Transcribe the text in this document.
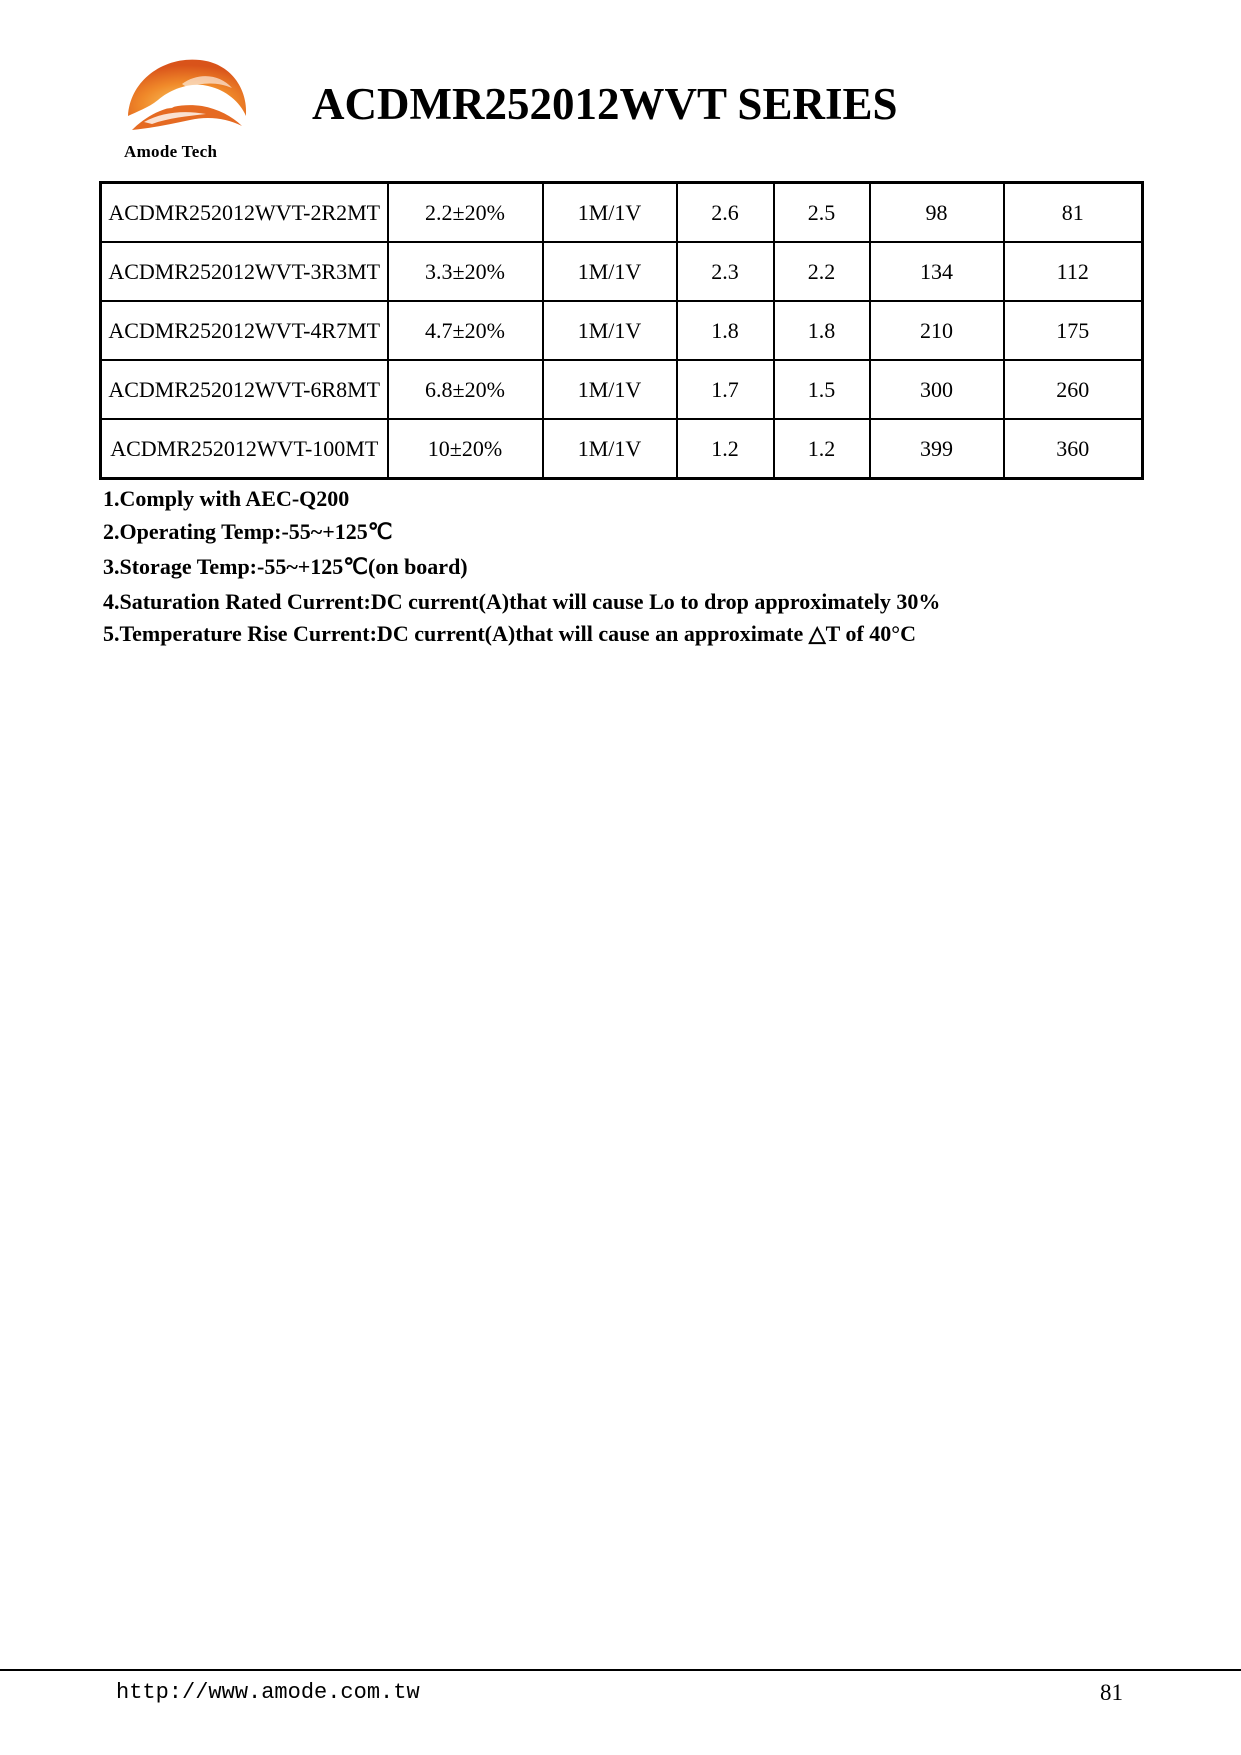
Amode Tech
ACDMR252012WVT SERIES
ACDMR252012WVT-2R2MT	2.2±20%	1M/1V	2.6	2.5	98	81
ACDMR252012WVT-3R3MT	3.3±20%	1M/1V	2.3	2.2	134	112
ACDMR252012WVT-4R7MT	4.7±20%	1M/1V	1.8	1.8	210	175
ACDMR252012WVT-6R8MT	6.8±20%	1M/1V	1.7	1.5	300	260
ACDMR252012WVT-100MT	10±20%	1M/1V	1.2	1.2	399	360
1.Comply with AEC-Q200
2.Operating Temp:-55~+125℃
3.Storage Temp:-55~+125℃(on board)
4.Saturation Rated Current:DC current(A)that will cause Lo to drop approximately 30%
5.Temperature Rise Current:DC current(A)that will cause an approximate △T of 40°C
http://www.amode.com.tw	81
